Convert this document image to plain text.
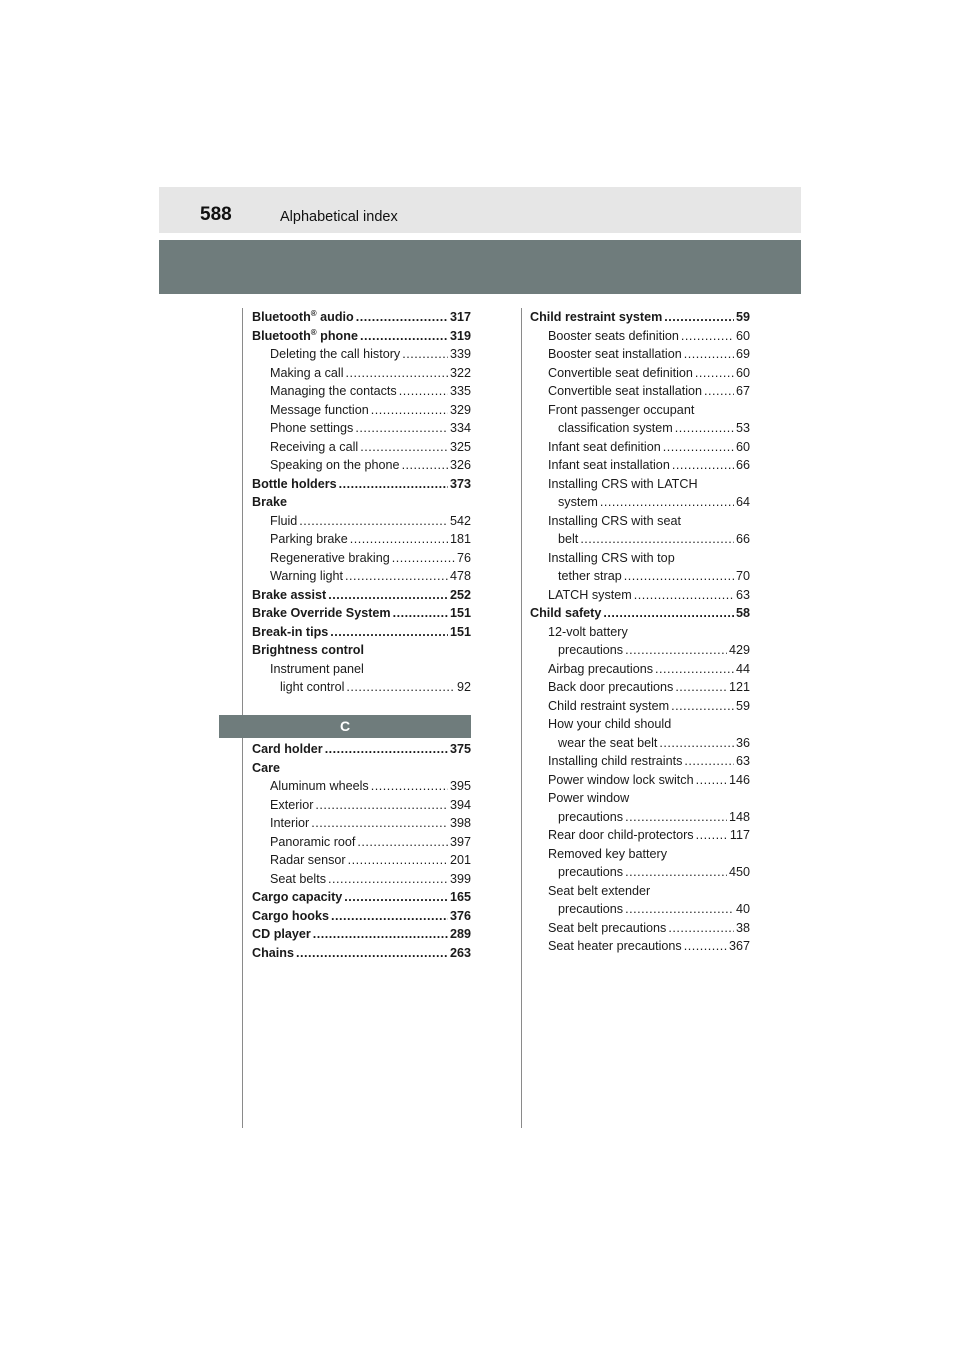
588	Alphabetical index
Bluetooth® audio .....	317
Bluetooth® phone .....	319
Deleting the call history .....	339
Making a call .....	322
Managing the contacts .....	335
Message function .....	329
Phone settings .....	334
Receiving a call .....	325
Speaking on the phone .....	326
Bottle holders .....	373
Brake
Fluid .....	542
Parking brake .....	181
Regenerative braking .....	76
Warning light .....	478
Brake assist .....	252
Brake Override System .....	151
Break-in tips .....	151
Brightness control
Instrument panel
light control .....	92
C
Card holder .....	375
Care
Aluminum wheels .....	395
Exterior .....	394
Interior .....	398
Panoramic roof .....	397
Radar sensor .....	201
Seat belts .....	399
Cargo capacity .....	165
Cargo hooks .....	376
CD player .....	289
Chains .....	263
Child restraint system .....	59
Booster seats definition .....	60
Booster seat installation .....	69
Convertible seat definition .....	60
Convertible seat installation .....	67
Front passenger occupant
classification system .....	53
Infant seat definition .....	60
Infant seat installation .....	66
Installing CRS with LATCH
system .....	64
Installing CRS with seat
belt .....	66
Installing CRS with top
tether strap .....	70
LATCH system .....	63
Child safety .....	58
12-volt battery
precautions .....	429
Airbag precautions .....	44
Back door precautions .....	121
Child restraint system .....	59
How your child should
wear the seat belt .....	36
Installing child restraints .....	63
Power window lock switch .....	146
Power window
precautions .....	148
Rear door child-protectors .....	117
Removed key battery
precautions .....	450
Seat belt extender
precautions .....	40
Seat belt precautions .....	38
Seat heater precautions .....	367
